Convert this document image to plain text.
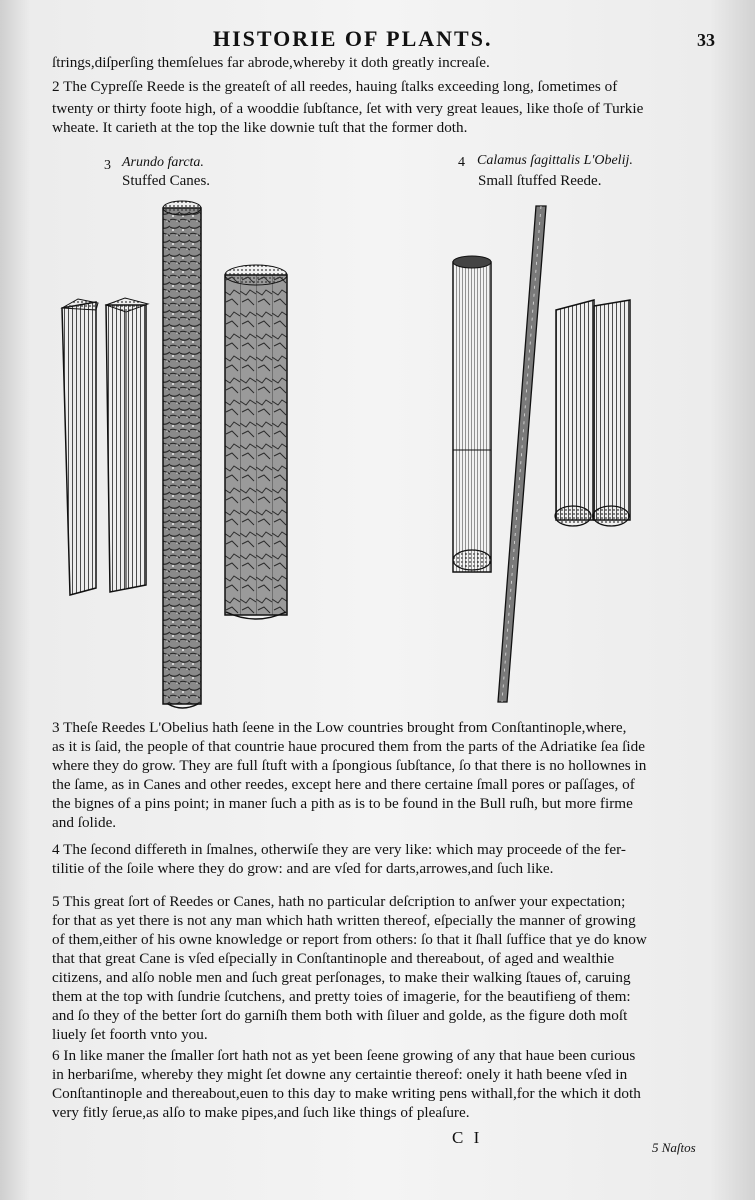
HISTORIE OF PLANTS.	33
ſtrings,diſperſing themſelues far abrode,whereby it doth greatly increaſe.
2 The Cypreſſe Reede is the greateſt of all reedes, hauing ſtalks exceeding long, ſometimes of
twenty or thirty foote high, of a wooddie ſubſtance, ſet with very great leaues, like thoſe of Turkie
wheate. It carieth at the top the like downie tuſt that the former doth.
3 Arundo farcta.
Stuffed Canes.
4 Calamus ſagittalis L'Obelij.
Small ſtuffed Reede.
3 Theſe Reedes L'Obelius hath ſeene in the Low countries brought from Conſtantinople,where,
as it is ſaid, the people of that countrie haue procured them from the parts of the Adriatike ſea ſide
where they do grow. They are full ſtuft with a ſpongious ſubſtance, ſo that there is no hollownes in
the ſame, as in Canes and other reedes, except here and there certaine ſmall pores or paſſages, of
the bignes of a pins point; in maner ſuch a pith as is to be found in the Bull ruſh, but more firme
and ſolide.
4 The ſecond differeth in ſmalnes, otherwiſe they are very like: which may proceede of the fer-
tilitie of the ſoile where they do grow: and are vſed for darts,arrowes,and ſuch like.
5 This great ſort of Reedes or Canes, hath no particular deſcription to anſwer your expectation;
for that as yet there is not any man which hath written thereof, eſpecially the manner of growing
of them,either of his owne knowledge or report from others: ſo that it ſhall ſuffice that ye do know
that that great Cane is vſed eſpecially in Conſtantinople and thereabout, of aged and wealthie
citizens, and alſo noble men and ſuch great perſonages, to make their walking ſtaues of, caruing
them at the top with ſundrie ſcutchens, and pretty toies of imagerie, for the beautifieng of them:
and ſo they of the better ſort do garniſh them both with ſiluer and golde, as the figure doth moſt
liuely ſet foorth vnto you.
6 In like maner the ſmaller ſort hath not as yet been ſeene growing of any that haue been curious
in herbariſme, whereby they might ſet downe any certaintie thereof: onely it hath beene vſed in
Conſtantinople and thereabout,euen to this day to make writing pens withall,for the which it doth
very fitly ſerue,as alſo to make pipes,and ſuch like things of pleaſure.
C I
5 Naſtos
